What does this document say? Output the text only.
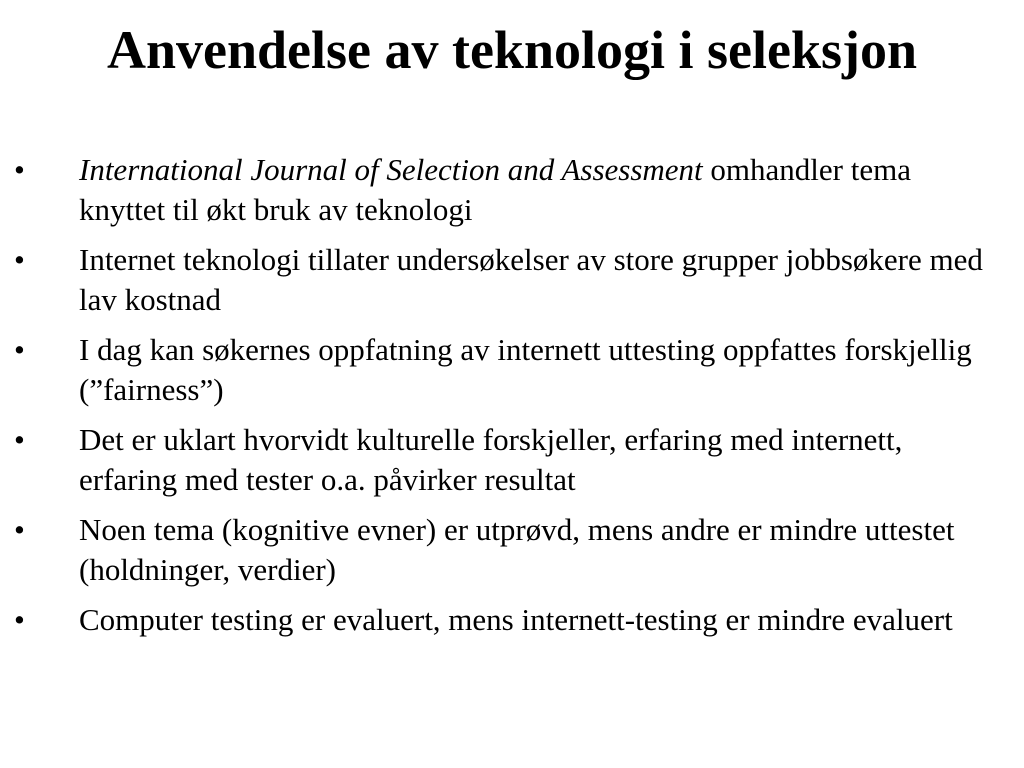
Anvendelse av teknologi i seleksjon
• International Journal of Selection and Assessment omhandler tema knyttet til økt bruk av teknologi
• Internet teknologi tillater undersøkelser av store grupper jobbsøkere med lav kostnad
• I dag kan søkernes oppfatning av internett uttesting oppfattes forskjellig (”fairness”)
• Det er uklart hvorvidt kulturelle forskjeller, erfaring med internett, erfaring med tester o.a. påvirker resultat
• Noen tema (kognitive evner) er utprøvd, mens andre er mindre uttestet (holdninger, verdier)
• Computer testing er evaluert, mens internett-testing er mindre evaluert
